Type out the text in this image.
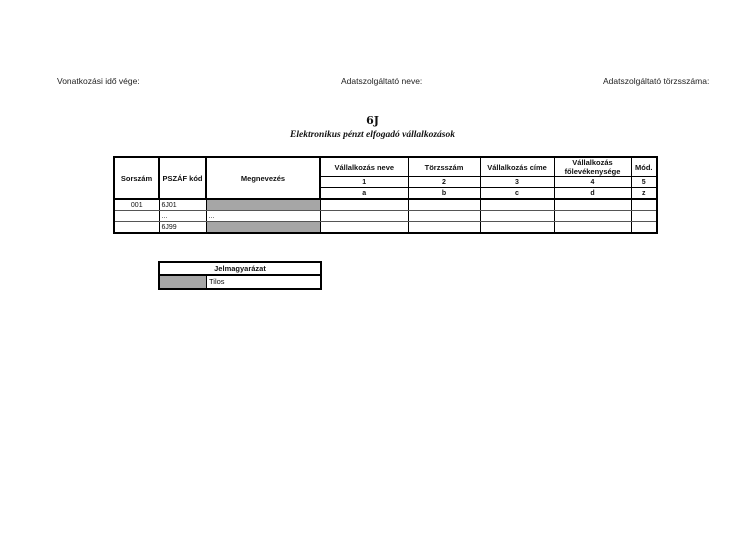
Vonatkozási idő vége:	Adatszolgáltató neve:	Adatszolgáltató törzsszáma:
6J
Elektronikus pénzt elfogadó vállalkozások
Sorszám	PSZÁF kód	Megnevezés	Vállalkozás neve	Törzsszám	Vállalkozás címe	Vállalkozás főlevékenysége	Mód.
			1	2	3	4	5
			a	b	c	d	z
001	6J01						
	...	...					
	6J99						
Jelmagyarázat
Tilos
